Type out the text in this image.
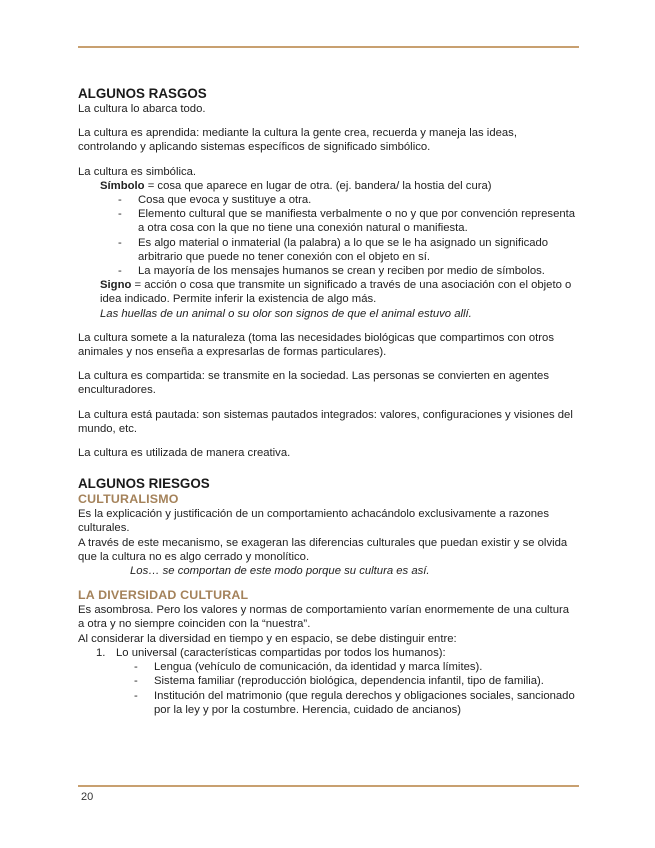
ALGUNOS RASGOS

La cultura lo abarca todo.

La cultura es aprendida: mediante la cultura la gente crea, recuerda y maneja las ideas, controlando y aplicando sistemas específicos de significado simbólico.

La cultura es simbólica.

Símbolo = cosa que aparece en lugar de otra. (ej. bandera/ la hostia del cura)

- Cosa que evoca y sustituye a otra.
- Elemento cultural que se manifiesta verbalmente o no y que por convención representa a otra cosa con la que no tiene una conexión natural o manifiesta.
- Es algo material o inmaterial (la palabra) a lo que se le ha asignado un significado arbitrario que puede no tener conexión con el objeto en sí.
- La mayoría de los mensajes humanos se crean y reciben por medio de símbolos.

Signo = acción o cosa que transmite un significado a través de una asociación con el objeto o idea indicado. Permite inferir la existencia de algo más.

Las huellas de un animal o su olor son signos de que el animal estuvo allí.

La cultura somete a la naturaleza (toma las necesidades biológicas que compartimos con otros animales y nos enseña a expresarlas de formas particulares).

La cultura es compartida: se transmite en la sociedad. Las personas se convierten en agentes enculturadores.

La cultura está pautada: son sistemas pautados integrados: valores, configuraciones y visiones del mundo, etc.

La cultura es utilizada de manera creativa.

ALGUNOS RIESGOS
CULTURALISMO

Es la explicación y justificación de un comportamiento achacándolo exclusivamente a razones culturales.

A través de este mecanismo, se exageran las diferencias culturales que puedan existir y se olvida que la cultura no es algo cerrado y monolítico.

Los… se comportan de este modo porque su cultura es así.

LA DIVERSIDAD CULTURAL

Es asombrosa. Pero los valores y normas de comportamiento varían enormemente de una cultura a otra y no siempre coinciden con la “nuestra”.

Al considerar la diversidad en tiempo y en espacio, se debe distinguir entre:

1. Lo universal (características compartidas por todos los humanos):
- Lengua (vehículo de comunicación, da identidad y marca límites).
- Sistema familiar (reproducción biológica, dependencia infantil, tipo de familia).
- Institución del matrimonio (que regula derechos y obligaciones sociales, sancionado por la ley y por la costumbre. Herencia, cuidado de ancianos)
20
